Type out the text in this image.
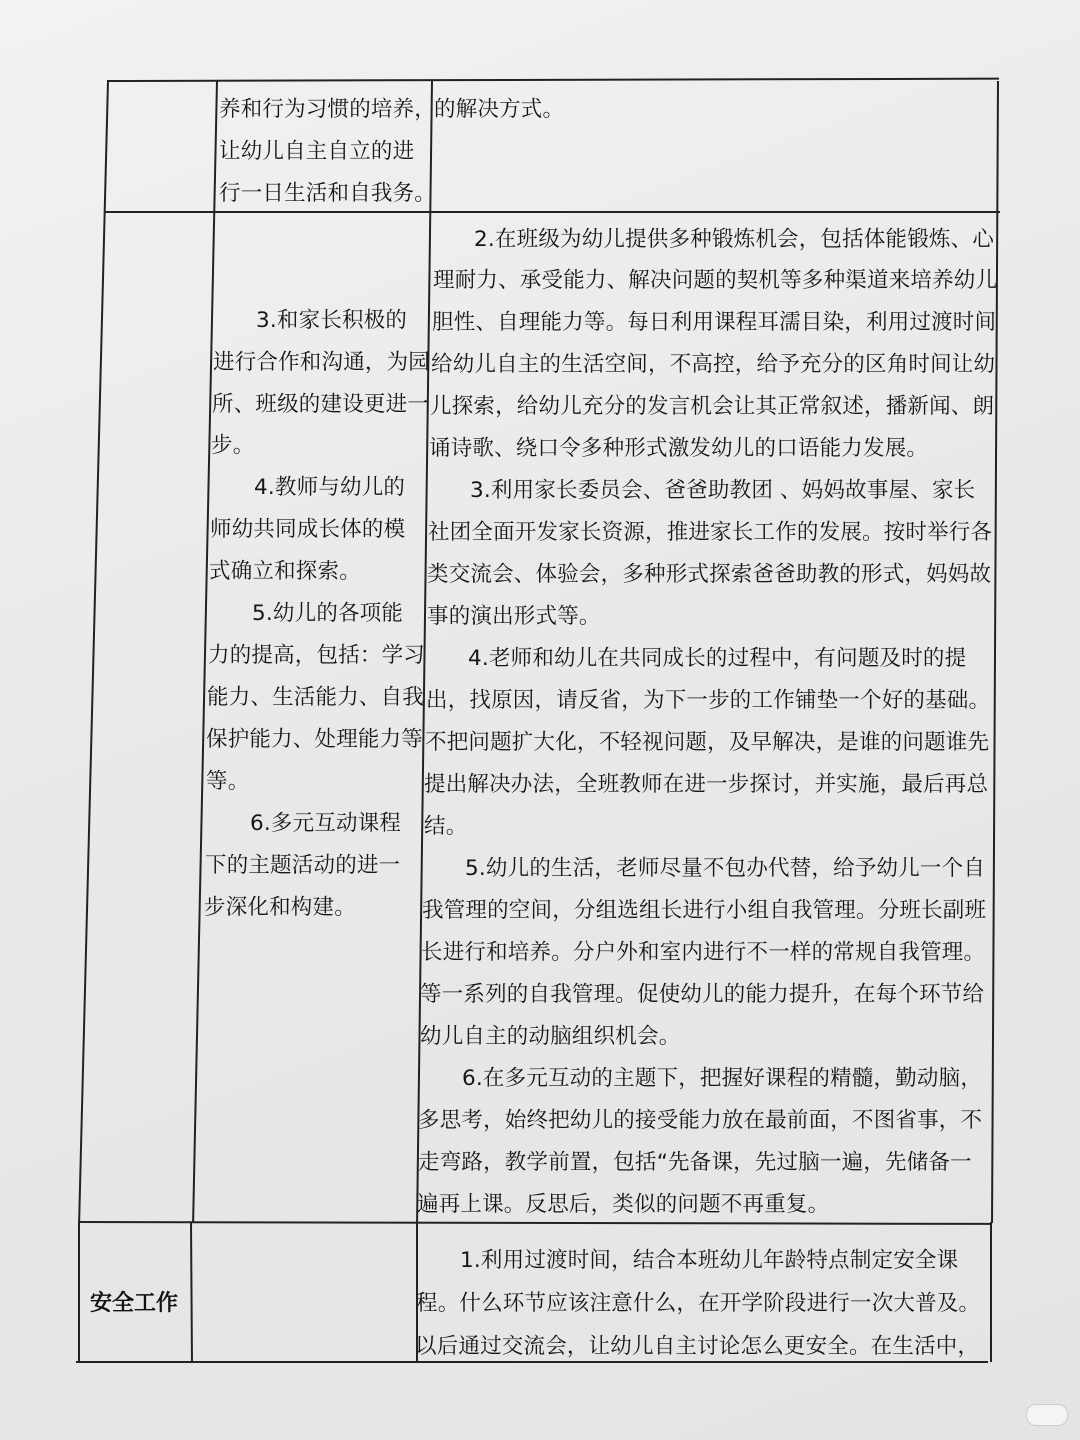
养和行为习惯的培养，
让幼儿自主自立的进
行一日生活和自我务。
的解决方式。
3.和家长积极的
进行合作和沟通，为园
所、班级的建设更进一
步。
4.教师与幼儿的
师幼共同成长体的模
式确立和探索。
5.幼儿的各项能
力的提高，包括：学习
能力、生活能力、自我
保护能力、处理能力等
等。
6.多元互动课程
下的主题活动的进一
步深化和构建。
2.在班级为幼儿提供多种锻炼机会，包括体能锻炼、心
理耐力、承受能力、解决问题的契机等多种渠道来培养幼儿
胆性、自理能力等。每日利用课程耳濡目染，利用过渡时间
给幼儿自主的生活空间，不高控，给予充分的区角时间让幼
儿探索，给幼儿充分的发言机会让其正常叙述，播新闻、朗
诵诗歌、绕口令多种形式激发幼儿的口语能力发展。
3.利用家长委员会、爸爸助教团 、妈妈故事屋、家长
社团全面开发家长资源，推进家长工作的发展。按时举行各
类交流会、体验会，多种形式探索爸爸助教的形式，妈妈故
事的演出形式等。
4.老师和幼儿在共同成长的过程中，有问题及时的提
出，找原因，请反省，为下一步的工作铺垫一个好的基础。
不把问题扩大化，不轻视问题，及早解决，是谁的问题谁先
提出解决办法，全班教师在进一步探讨，并实施，最后再总
结。
5.幼儿的生活，老师尽量不包办代替，给予幼儿一个自
我管理的空间，分组选组长进行小组自我管理。分班长副班
长进行和培养。分户外和室内进行不一样的常规自我管理。
等一系列的自我管理。促使幼儿的能力提升，在每个环节给
幼儿自主的动脑组织机会。
6.在多元互动的主题下，把握好课程的精髓，勤动脑，
多思考，始终把幼儿的接受能力放在最前面，不图省事，不
走弯路，教学前置，包括“先备课，先过脑一遍，先储备一
遍再上课。反思后，类似的问题不再重复。
安全工作
1.利用过渡时间，结合本班幼儿年龄特点制定安全课
程。什么环节应该注意什么，在开学阶段进行一次大普及。
以后通过交流会，让幼儿自主讨论怎么更安全。在生活中，
